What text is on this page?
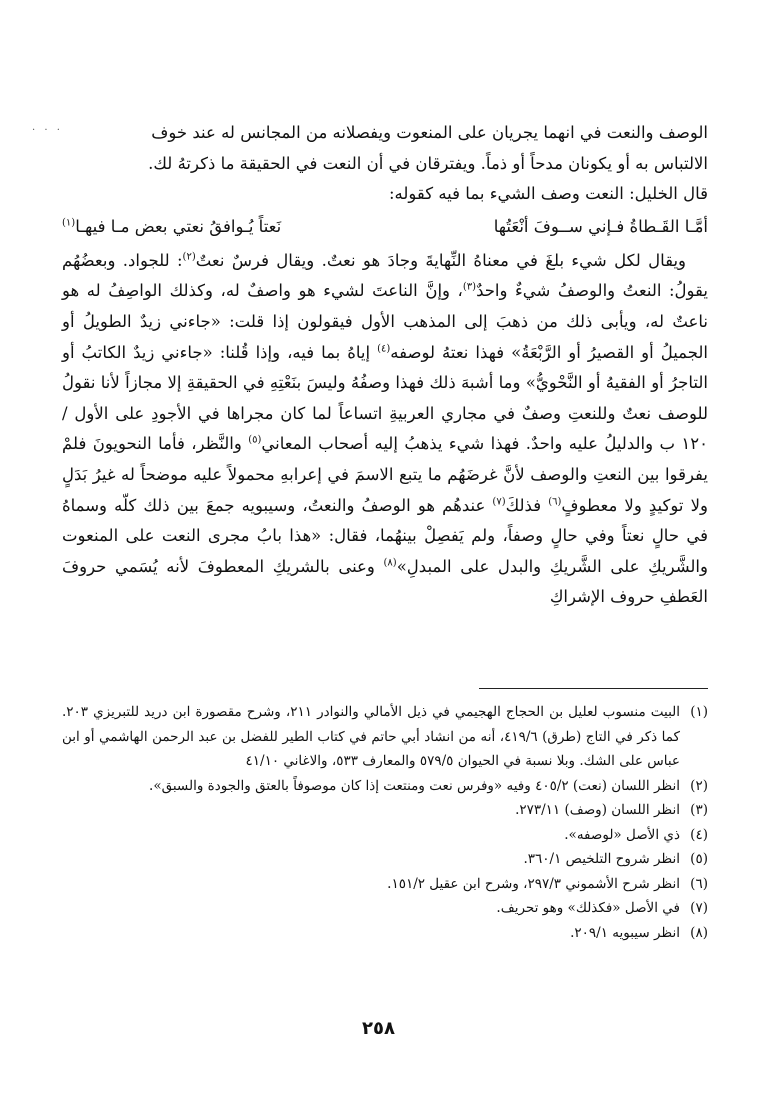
. . .	الوصف والنعت في انهما يجريان على المنعوت ويفصلانه من المجانس له عند خوف

الالتباس به أو يكونان مدحاً أو ذماً. ويفترقان في أن النعت في الحقيقة ما ذكرتهُ لك.

قال الخليل: النعت وصف الشيء بما فيه كقوله:

أمَّـا القَـطاةُ فـإني ســوفَ أنْعَتُها
نَعتاً يُـوافقُ نعتي بعض مـا فيهـا$^{(١)}$

ويقال لكل شيء بلغَ في معناهُ النِّهايةَ وجادَ هو نعتٌ. ويقال فرسٌ نعتٌ$^{(٢)}$: للجواد. وبعضُهُم يقولُ: النعتُ والوصفُ شيءٌ واحدٌ$^{(٣)}$، وإنَّ الناعتَ لشيء هو واصفٌ له، وكذلك الواصِفُ له هو ناعتٌ له، ويأبى ذلك من ذهبَ إلى المذهب الأول فيقولون إذا قلت: «جاءني زيدٌ الطويلُ أو الجميلُ أو القصيرُ أو الرَّبْعَةُ» فهذا نعتهُ لوصفه$^{(٤)}$ إياهُ بما فيه، وإذا قُلنا: «جاءني زيدٌ الكاتبُ أو التاجرُ أو الفقيهُ أو النَّحْويُّ» وما أشبهَ ذلك فهذا وصفُهُ وليسَ بنَعْتِهِ في الحقيقةِ إلا مجازاً لأنا نقولُ للوصف نعتٌ وللنعتِ وصفٌ في مجاري العربيةِ اتساعاً لما كان مجراها في الأجودِ على الأول / ١٢٠ ب والدليلُ عليه واحدٌ. فهذا شيء يذهبُ إليه أصحاب المعاني$^{(٥)}$ والنَّظر، فأما النحويونَ فلمْ يفرقوا بين النعتِ والوصف لأنَّ غرضَهُم ما يتبع الاسمَ في إعرابهِ محمولاً عليه موضحاً له غيرُ بَدَلٍ ولا توكيدٍ ولا معطوفٍ$^{(٦)}$ فذلكَ$^{(٧)}$ عندهُم هو الوصفُ والنعتُ، وسيبويه جمعَ بين ذلك كلّه وسماهُ في حالٍ نعتاً وفي حالٍ وصفاً، ولم يَفصِلْ بينهُما، فقال: «هذا بابُ مجرى النعت على المنعوت والشَّريكِ على الشَّريكِ والبدل على المبدلِ»$^{(٨)}$ وعنى بالشريكِ المعطوفَ لأنه يُسَمي حروفَ العَطفِ حروف الإشراكِ

(١)البيت منسوب لعليل بن الحجاج الهجيمي في ذيل الأمالي والنوادر ٢١١، وشرح مقصورة ابن دريد للتبريزي ٢٠٣. كما ذكر في التاج (طرق) ٤١٩/٦، أنه من انشاد أبي حاتم في كتاب الطير للفضل بن عبد الرحمن الهاشمي أو ابن عباس على الشك. وبلا نسبة في الحيوان ٥٧٩/٥ والمعارف ٥٣٣، والاغاني ٤١/١٠

(٢)انظر اللسان (نعت) ٤٠٥/٢ وفيه «وفرس نعت ومنتعت إذا كان موصوفاً بالعتق والجودة والسبق».

(٣)انظر اللسان (وصف) ٢٧٣/١١.

(٤)ذي الأصل «لوصفه».

(٥)انظر شروح التلخيص ٣٦٠/١.

(٦)انظر شرح الأشموني ٢٩٧/٣، وشرح ابن عقيل ١٥١/٢.

(٧)في الأصل «فكذلك» وهو تحريف.

(٨)انظر سيبويه ٢٠٩/١.

٢٥٨
